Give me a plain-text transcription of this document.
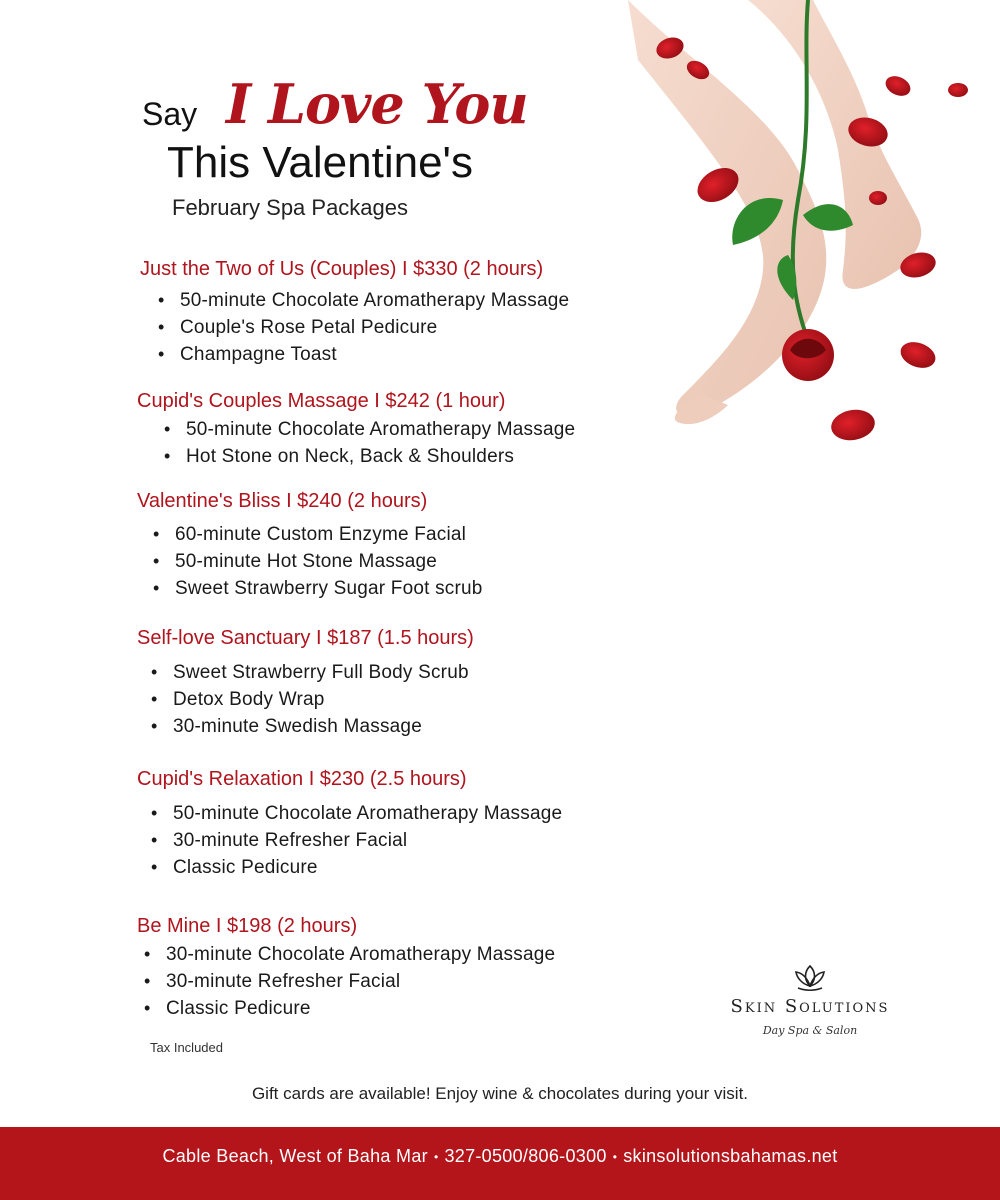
Say I Love You
This Valentine's
February Spa Packages
Just the Two of Us (Couples) I $330 (2 hours)
• 50-minute Chocolate Aromatherapy Massage
• Couple's Rose Petal Pedicure
• Champagne Toast
Cupid's Couples Massage I $242 (1 hour)
• 50-minute Chocolate Aromatherapy Massage
• Hot Stone on Neck, Back & Shoulders
Valentine's Bliss I $240 (2 hours)
• 60-minute Custom Enzyme Facial
• 50-minute Hot Stone Massage
• Sweet Strawberry Sugar Foot scrub
Self-love Sanctuary I $187 (1.5 hours)
• Sweet Strawberry Full Body Scrub
• Detox Body Wrap
• 30-minute Swedish Massage
Cupid's Relaxation I $230 (2.5 hours)
• 50-minute Chocolate Aromatherapy Massage
• 30-minute Refresher Facial
• Classic Pedicure
Be Mine I $198 (2 hours)
• 30-minute Chocolate Aromatherapy Massage
• 30-minute Refresher Facial
• Classic Pedicure
Tax Included
Skin Solutions
Day Spa & Salon
Gift cards are available! Enjoy wine & chocolates during your visit.
Cable Beach, West of Baha Mar • 327-0500/806-0300 • skinsolutionsbahamas.net
